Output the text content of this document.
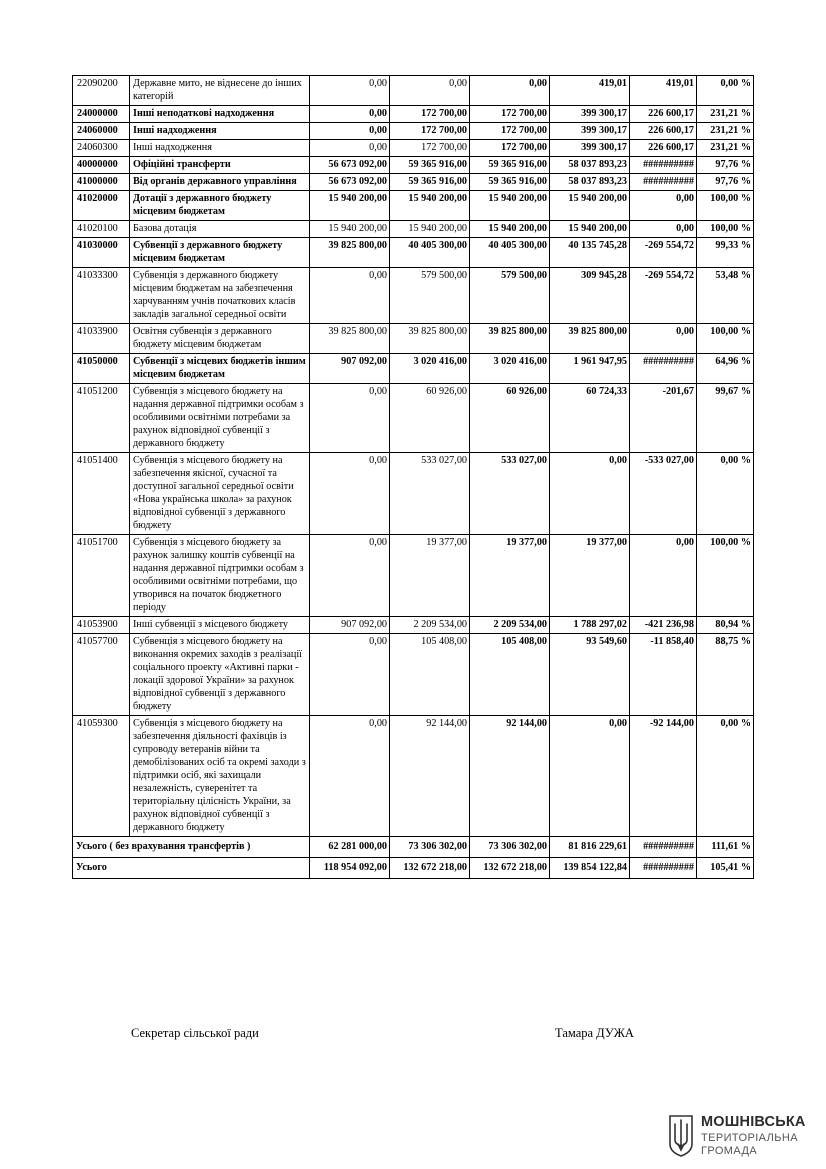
22090200	Державне мито, не віднесене до інших категорій	0,00	0,00	0,00	419,01	419,01	0,00 %
24000000	Інші неподаткові надходження	0,00	172 700,00	172 700,00	399 300,17	226 600,17	231,21 %
24060000	Інші надходження	0,00	172 700,00	172 700,00	399 300,17	226 600,17	231,21 %
24060300	Інші надходження	0,00	172 700,00	172 700,00	399 300,17	226 600,17	231,21 %
40000000	Офіційні трансферти	56 673 092,00	59 365 916,00	59 365 916,00	58 037 893,23	##########	97,76 %
41000000	Від органів державного управління	56 673 092,00	59 365 916,00	59 365 916,00	58 037 893,23	##########	97,76 %
41020000	Дотації з державного бюджету місцевим бюджетам	15 940 200,00	15 940 200,00	15 940 200,00	15 940 200,00	0,00	100,00 %
41020100	Базова дотація	15 940 200,00	15 940 200,00	15 940 200,00	15 940 200,00	0,00	100,00 %
41030000	Субвенції з державного бюджету місцевим бюджетам	39 825 800,00	40 405 300,00	40 405 300,00	40 135 745,28	-269 554,72	99,33 %
41033300	Субвенція з державного бюджету місцевим бюджетам на забезпечення харчуванням учнів початкових класів закладів загальної середньої освіти	0,00	579 500,00	579 500,00	309 945,28	-269 554,72	53,48 %
41033900	Освітня субвенція з державного бюджету місцевим бюджетам	39 825 800,00	39 825 800,00	39 825 800,00	39 825 800,00	0,00	100,00 %
41050000	Субвенції з місцевих бюджетів іншим місцевим бюджетам	907 092,00	3 020 416,00	3 020 416,00	1 961 947,95	##########	64,96 %
41051200	Субвенція з місцевого бюджету на надання державної підтримки особам з особливими освітніми потребами за рахунок відповідної субвенції з державного бюджету	0,00	60 926,00	60 926,00	60 724,33	-201,67	99,67 %
41051400	Субвенція з місцевого бюджету на забезпечення якісної, сучасної та доступної загальної середньої освіти «Нова українська школа» за рахунок відповідної субвенції з державного бюджету	0,00	533 027,00	533 027,00	0,00	-533 027,00	0,00 %
41051700	Субвенція з місцевого бюджету за рахунок залишку коштів субвенції на надання державної підтримки особам з особливими освітніми потребами, що утворився на початок бюджетного періоду	0,00	19 377,00	19 377,00	19 377,00	0,00	100,00 %
41053900	Інші субвенції з місцевого бюджету	907 092,00	2 209 534,00	2 209 534,00	1 788 297,02	-421 236,98	80,94 %
41057700	Субвенція з місцевого бюджету на виконання окремих заходів з реалізації соціального проекту «Активні парки - локації здорової України» за рахунок відповідної субвенції з державного бюджету	0,00	105 408,00	105 408,00	93 549,60	-11 858,40	88,75 %
41059300	Субвенція з місцевого бюджету на забезпечення діяльності фахівців із супроводу ветеранів війни та демобілізованих осіб та окремі заходи з підтримки осіб, які захищали незалежність, суверенітет та територіальну цілісність України, за рахунок відповідної субвенції з державного бюджету	0,00	92 144,00	92 144,00	0,00	-92 144,00	0,00 %
Усього ( без врахування трансфертів )		62 281 000,00	73 306 302,00	73 306 302,00	81 816 229,61	##########	111,61 %
Усього		118 954 092,00	132 672 218,00	132 672 218,00	139 854 122,84	##########	105,41 %
Секретар сільської ради	Тамара ДУЖА
МОШНІВСЬКА
ТЕРИТОРІАЛЬНА
ГРОМАДА
